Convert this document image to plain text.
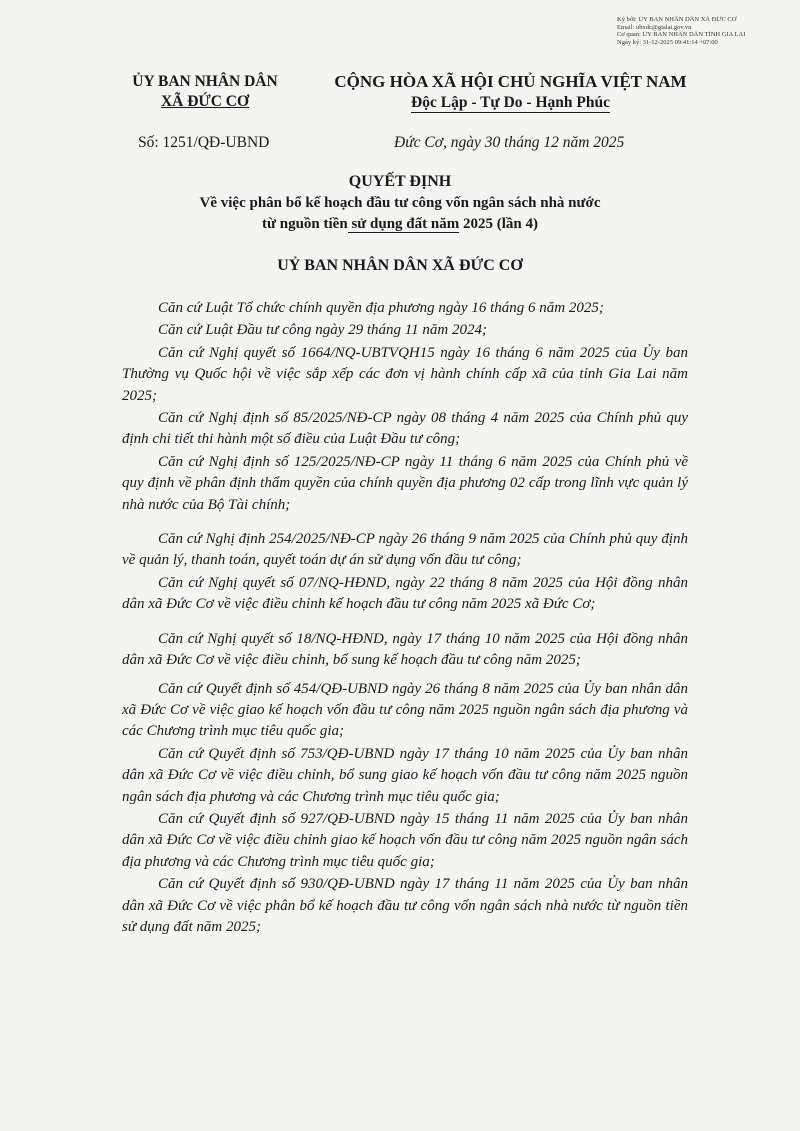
Ký bởi: ỦY BAN NHÂN DÂN XÃ ĐỨC CƠ
Email: ubxdc@gialai.gov.vn
Cơ quan: ỦY BAN NHÂN DÂN TỈNH GIA LAI
Ngày ký: 31-12-2025 09:41:14 +07:00
ỦY BAN NHÂN DÂN
XÃ ĐỨC CƠ
CỘNG HÒA XÃ HỘI CHỦ NGHĨA VIỆT NAM
Độc Lập - Tự Do - Hạnh Phúc
Số: 1251/QĐ-UBND	Đức Cơ, ngày 30 tháng 12 năm 2025
QUYẾT ĐỊNH
Về việc phân bổ kế hoạch đầu tư công vốn ngân sách nhà nước
từ nguồn tiền sử dụng đất năm 2025 (lần 4)
UỶ BAN NHÂN DÂN XÃ ĐỨC CƠ

Căn cứ Luật Tổ chức chính quyền địa phương ngày 16 tháng 6 năm 2025;

Căn cứ Luật Đầu tư công ngày 29 tháng 11 năm 2024;

Căn cứ Nghị quyết số 1664/NQ-UBTVQH15 ngày 16 tháng 6 năm 2025 của Ủy ban Thường vụ Quốc hội về việc sắp xếp các đơn vị hành chính cấp xã của tỉnh Gia Lai năm 2025;

Căn cứ Nghị định số 85/2025/NĐ-CP ngày 08 tháng 4 năm 2025 của Chính phủ quy định chi tiết thi hành một số điều của Luật Đầu tư công;

Căn cứ Nghị định số 125/2025/NĐ-CP ngày 11 tháng 6 năm 2025 của Chính phủ về quy định về phân định thẩm quyền của chính quyền địa phương 02 cấp trong lĩnh vực quản lý nhà nước của Bộ Tài chính;

Căn cứ Nghị định 254/2025/NĐ-CP ngày 26 tháng 9 năm 2025 của Chính phủ quy định về quản lý, thanh toán, quyết toán dự án sử dụng vốn đầu tư công;

Căn cứ Nghị quyết số 07/NQ-HĐND, ngày 22 tháng 8 năm 2025 của Hội đồng nhân dân xã Đức Cơ về việc điều chỉnh kế hoạch đầu tư công năm 2025 xã Đức Cơ;

Căn cứ Nghị quyết số 18/NQ-HĐND, ngày 17 tháng 10 năm 2025 của Hội đồng nhân dân xã Đức Cơ về việc điều chỉnh, bổ sung kế hoạch đầu tư công năm 2025;

Căn cứ Quyết định số 454/QĐ-UBND ngày 26 tháng 8 năm 2025 của Ủy ban nhân dân xã Đức Cơ về việc giao kế hoạch vốn đầu tư công năm 2025 nguồn ngân sách địa phương và các Chương trình mục tiêu quốc gia;

Căn cứ Quyết định số 753/QĐ-UBND ngày 17 tháng 10 năm 2025 của Ủy ban nhân dân xã Đức Cơ về việc điều chỉnh, bổ sung giao kế hoạch vốn đầu tư công năm 2025 nguồn ngân sách địa phương và các Chương trình mục tiêu quốc gia;

Căn cứ Quyết định số 927/QĐ-UBND ngày 15 tháng 11 năm 2025 của Ủy ban nhân dân xã Đức Cơ về việc điều chỉnh giao kế hoạch vốn đầu tư công năm 2025 nguồn ngân sách địa phương và các Chương trình mục tiêu quốc gia;

Căn cứ Quyết định số 930/QĐ-UBND ngày 17 tháng 11 năm 2025 của Ủy ban nhân dân xã Đức Cơ về việc phân bổ kế hoạch đầu tư công vốn ngân sách nhà nước từ nguồn tiền sử dụng đất năm 2025;
